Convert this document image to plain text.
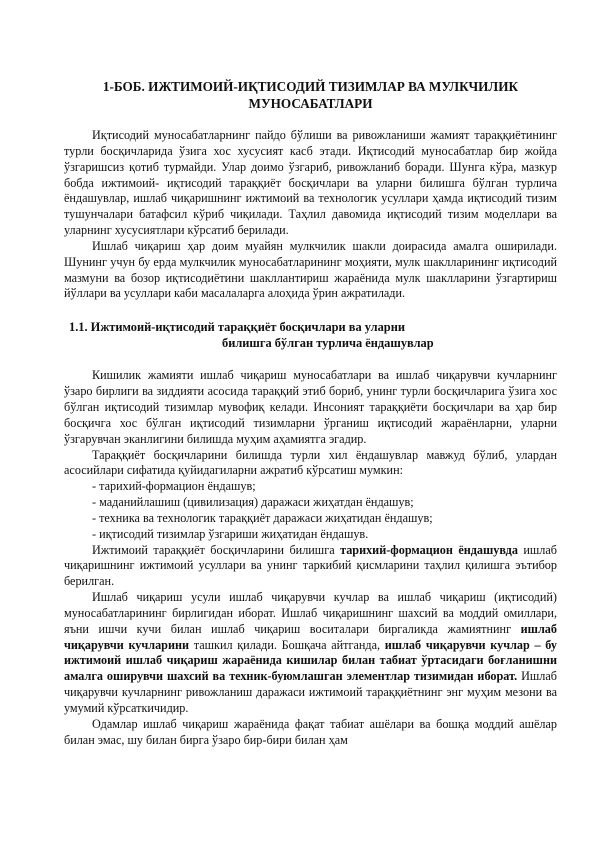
1-БОБ. ИЖТИМОИЙ-ИҚТИСОДИЙ ТИЗИМЛАР ВА МУЛКЧИЛИК
МУНОСАБАТЛАРИ

Иқтисодий муносабатларнинг пайдо бўлиши ва ривожланиши жамият тараққиётининг турли босқичларида ўзига хос хусусият касб этади. Иқтисодий муносабатлар бир жойда ўзгаришсиз қотиб турмайди. Улар доимо ўзгариб, ривожланиб боради. Шунга кўра, мазкур бобда ижтимоий- иқтисодий тараққиёт босқичлари ва уларни билишга бўлган турлича ёндашувлар, ишлаб чиқаришнинг ижтимоий ва технологик усуллари ҳамда иқтисодий тизим тушунчалари батафсил кўриб чиқилади. Таҳлил давомида иқтисодий тизим моделлари ва уларнинг хусусиятлари кўрсатиб берилади.

Ишлаб чиқариш ҳар доим муайян мулкчилик шакли доирасида амалга оширилади. Шунинг учун бу ерда мулкчилик муносабатларининг моҳияти, мулк шаклларининг иқтисодий мазмуни ва бозор иқтисодиётини шакллантириш жараёнида мулк шаклларини ўзгартириш йўллари ва усуллари каби масалаларга алоҳида ўрин ажратилади.

1.1. Ижтимоий-иқтисодий тараққиёт босқичлари ва уларни
билишга бўлган турлича ёндашувлар

Кишилик жамияти ишлаб чиқариш муносабатлари ва ишлаб чиқарувчи кучларнинг ўзаро бирлиги ва зиддияти асосида тараққий этиб бориб, унинг турли босқичларига ўзига хос бўлган иқтисодий тизимлар мувофиқ келади. Инсоният тараққиёти босқичлари ва ҳар бир босқичга хос бўлган иқтисодий тизимларни ўрганиш иқтисодий жараёнларни, уларни ўзгарувчан эканлигини билишда муҳим аҳамиятга эгадир.

Тараққиёт босқичларини билишда турли хил ёндашувлар мавжуд бўлиб, улардан асосийлари сифатида қуйидагиларни ажратиб кўрсатиш мумкин:

- тарихий-формацион ёндашув;
- маданийлашиш (цивилизация) даражаси жиҳатдан ёндашув;
- техника ва технологик тараққиёт даражаси жиҳатидан ёндашув;
- иқтисодий тизимлар ўзгариши жиҳатидан ёндашув.

Ижтимоий тараққиёт босқичларини билишга тарихий-формацион ёндашувда ишлаб чиқаришнинг ижтимоий усуллари ва унинг таркибий қисмларини таҳлил қилишга эътибор берилган.

Ишлаб чиқариш усули ишлаб чиқарувчи кучлар ва ишлаб чиқариш (иқтисодий) муносабатларининг бирлигидан иборат. Ишлаб чиқаришнинг шахсий ва моддий омиллари, яъни ишчи кучи билан ишлаб чиқариш воситалари биргаликда жамиятнинг ишлаб чиқарувчи кучларини ташкил қилади. Бошқача айтганда, ишлаб чиқарувчи кучлар – бу ижтимоий ишлаб чиқариш жараёнида кишилар билан табиат ўртасидаги боғланишни амалга оширувчи шахсий ва техник-буюмлашган элементлар тизимидан иборат. Ишлаб чиқарувчи кучларнинг ривожланиш даражаси ижтимоий тараққиётнинг энг муҳим мезони ва умумий кўрсаткичидир.

Одамлар ишлаб чиқариш жараёнида фақат табиат ашёлари ва бошқа моддий ашёлар билан эмас, шу билан бирга ўзаро бир-бири билан ҳам
